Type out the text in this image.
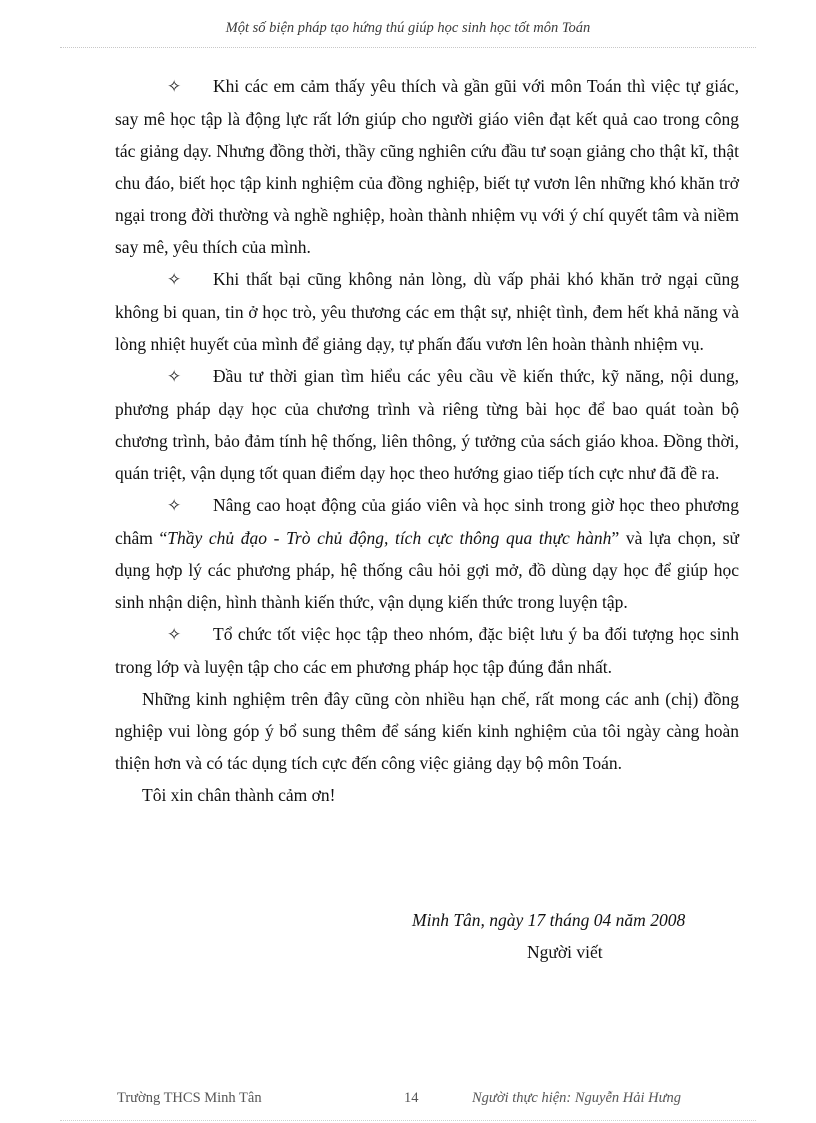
Một số biện pháp tạo hứng thú giúp học sinh học tốt môn Toán

✧ Khi các em cảm thấy yêu thích và gần gũi với môn Toán thì việc tự giác, say mê học tập là động lực rất lớn giúp cho người giáo viên đạt kết quả cao trong công tác giảng dạy. Nhưng đồng thời, thầy cũng nghiên cứu đầu tư soạn giảng cho thật kĩ, thật chu đáo, biết học tập kinh nghiệm của đồng nghiệp, biết tự vươn lên những khó khăn trở ngại trong đời thường và nghề nghiệp, hoàn thành nhiệm vụ với ý chí quyết tâm và niềm say mê, yêu thích của mình.

✧ Khi thất bại cũng không nản lòng, dù vấp phải khó khăn trở ngại cũng không bi quan, tin ở học trò, yêu thương các em thật sự, nhiệt tình, đem hết khả năng và lòng nhiệt huyết của mình để giảng dạy, tự phấn đấu vươn lên hoàn thành nhiệm vụ.

✧ Đầu tư thời gian tìm hiểu các yêu cầu về kiến thức, kỹ năng, nội dung, phương pháp dạy học của chương trình và riêng từng bài học để bao quát toàn bộ chương trình, bảo đảm tính hệ thống, liên thông, ý tưởng của sách giáo khoa. Đồng thời, quán triệt, vận dụng tốt quan điểm dạy học theo hướng giao tiếp tích cực như đã đề ra.

✧ Nâng cao hoạt động của giáo viên và học sinh trong giờ học theo phương châm “Thầy chủ đạo - Trò chủ động, tích cực thông qua thực hành” và lựa chọn, sử dụng hợp lý các phương pháp, hệ thống câu hỏi gợi mở, đồ dùng dạy học để giúp học sinh nhận diện, hình thành kiến thức, vận dụng kiến thức trong luyện tập.

✧ Tổ chức tốt việc học tập theo nhóm, đặc biệt lưu ý ba đối tượng học sinh trong lớp và luyện tập cho các em phương pháp học tập đúng đắn nhất.

Những kinh nghiệm trên đây cũng còn nhiều hạn chế, rất mong các anh (chị) đồng nghiệp vui lòng góp ý bổ sung thêm để sáng kiến kinh nghiệm của tôi ngày càng hoàn thiện hơn và có tác dụng tích cực đến công việc giảng dạy bộ môn Toán.

Tôi xin chân thành cảm ơn!

Minh Tân, ngày 17 tháng 04 năm 2008
Người viết
Trường THCS Minh Tân	14	Người thực hiện: Nguyễn Hải Hưng
